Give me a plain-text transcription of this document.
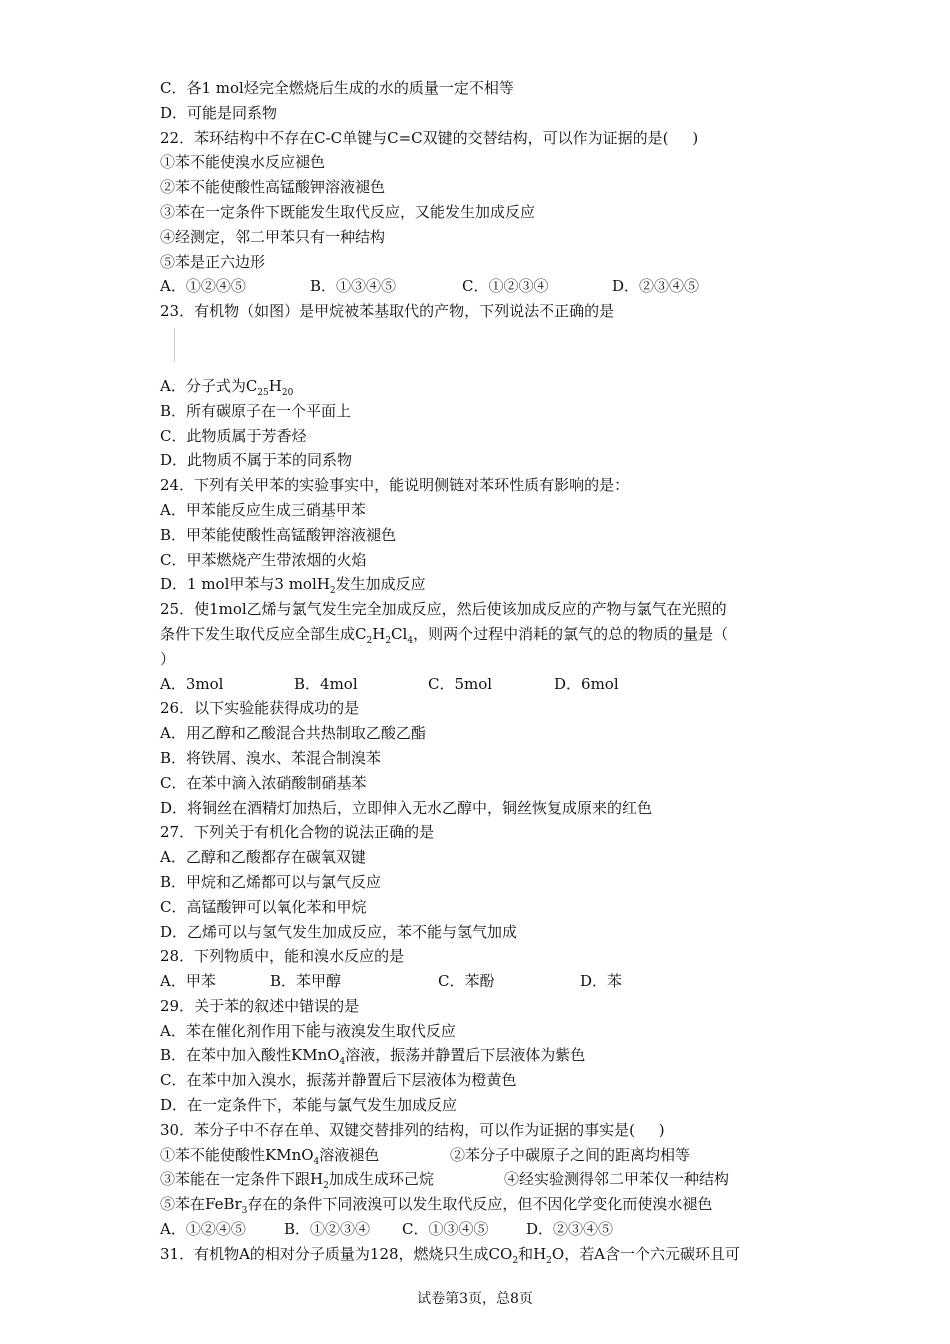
C．各1 mol烃完全燃烧后生成的水的质量一定不相等
D．可能是同系物
22．苯环结构中不存在C-C单键与C=C双键的交替结构，可以作为证据的是(     )
①苯不能使溴水反应褪色
②苯不能使酸性高锰酸钾溶液褪色
③苯在一定条件下既能发生取代反应，又能发生加成反应
④经测定，邻二甲苯只有一种结构
⑤苯是正六边形
A．①②④⑤	B．①③④⑤	C．①②③④	D．②③④⑤
23．有机物（如图）是甲烷被苯基取代的产物，下列说法不正确的是
A．分子式为$C_{25}H_{20}$
B．所有碳原子在一个平面上
C．此物质属于芳香烃
D．此物质不属于苯的同系物
24．下列有关甲苯的实验事实中，能说明侧链对苯环性质有影响的是：
A．甲苯能反应生成三硝基甲苯
B．甲苯能使酸性高锰酸钾溶液褪色
C．甲苯燃烧产生带浓烟的火焰
D．1 mol甲苯与3 molH$_2$发生加成反应
25．使1mol乙烯与氯气发生完全加成反应，然后使该加成反应的产物与氯气在光照的
条件下发生取代反应全部生成$C_2H_2Cl_4$，则两个过程中消耗的氯气的总的物质的量是（
）
A．3mol	B．4mol	C．5mol	D．6mol
26．以下实验能获得成功的是
A．用乙醇和乙酸混合共热制取乙酸乙酯
B．将铁屑、溴水、苯混合制溴苯
C．在苯中滴入浓硝酸制硝基苯
D．将铜丝在酒精灯加热后，立即伸入无水乙醇中，铜丝恢复成原来的红色
27．下列关于有机化合物的说法正确的是
A．乙醇和乙酸都存在碳氧双键
B．甲烷和乙烯都可以与氯气反应
C．高锰酸钾可以氧化苯和甲烷
D．乙烯可以与氢气发生加成反应，苯不能与氢气加成
28．下列物质中，能和溴水反应的是
A．甲苯	B．苯甲醇	C．苯酚	D．苯
29．关于苯的叙述中错误的是
A．苯在催化剂作用下能与液溴发生取代反应
B．在苯中加入酸性KMnO$_4$溶液，振荡并静置后下层液体为紫色
C．在苯中加入溴水，振荡并静置后下层液体为橙黄色
D．在一定条件下，苯能与氯气发生加成反应
30．苯分子中不存在单、双键交替排列的结构，可以作为证据的事实是(     )
①苯不能使酸性KMnO$_4$溶液褪色	②苯分子中碳原子之间的距离均相等
③苯能在一定条件下跟$H_2$加成生成环己烷	④经实验测得邻二甲苯仅一种结构
⑤苯在FeBr$_3$存在的条件下同液溴可以发生取代反应，但不因化学变化而使溴水褪色
A．①②④⑤	B．①②③④	C．①③④⑤	D．②③④⑤
31．有机物A的相对分子质量为128，燃烧只生成$CO_2$和$H_2O$，若A含一个六元碳环且可
试卷第3页，总8页
